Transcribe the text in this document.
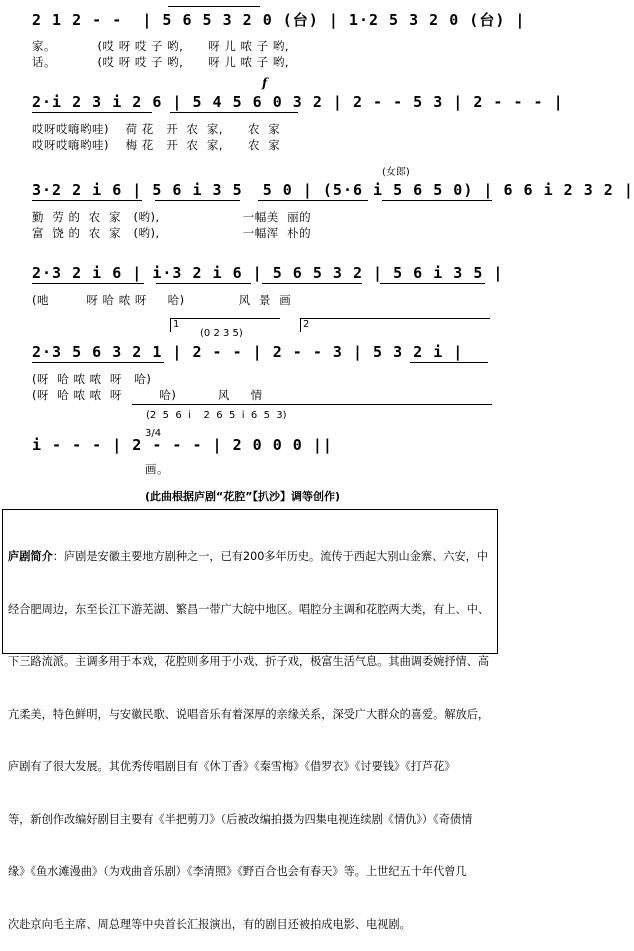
2 1 2 - -  | 5 6 5 3 2 0 (台) | 1·2 5 3 2 0 (台) |
家。          (哎 呀 哎 子 哟,      呀 儿 哝 子 哟,
话。          (哎 呀 哎 子 哟,      呀 儿 哝 子 哟,
f
2·i 2 3 i 2 6 | 5 4 5 6 0 3 2 | 2 - - 5 3 | 2 - - - |
哎呀哎嗨哟哇)    荷 花   开  农  家,      农  家
哎呀哎嗨哟哇)    梅 花   开  农  家,      农  家
(女郎)
3·2 2 i 6 | 5 6 i 3 5  5 0 | (5·6 i 5 6 5 0) | 6 6 i 2 3 2 |
勤  劳 的  农  家   (哟),                    一幅美  丽的
富  饶 的  农  家   (哟),                    一幅浑  朴的
2·3 2 i 6 | i·3 2 i 6 | 5 6 5 3 2 | 5 6 i 3 5 |
(吔         呀 哈 哝 呀     哈)             风  景  画
1	2
(0 2 3 5)
2·3 5 6 3 2 1 | 2 - - | 2 - - 3 | 5 3 2 i |
(呀  哈 哝 哝  呀   哈)
(呀  哈 哝 哝  呀         哈)          风     情
(2  5  6  i    2  6  5  i  6  5  3)
3/4
i - - - | 2 - - - | 2 0 0 0 ||
画。
(此曲根据庐剧“花腔”【扒沙】调等创作)

庐剧简介：庐剧是安徽主要地方剧种之一，已有200多年历史。流传于西起大别山金寨、六安，中

经合肥周边，东至长江下游芜湖、繁昌一带广大皖中地区。唱腔分主调和花腔两大类，有上、中、

下三路流派。主调多用于本戏，花腔则多用于小戏、折子戏，极富生活气息。其曲调委婉抒情、高

亢柔美，特色鲜明，与安徽民歌、说唱音乐有着深厚的亲缘关系，深受广大群众的喜爱。解放后，

庐剧有了很大发展。其优秀传唱剧目有《休丁香》《秦雪梅》《借罗衣》《讨要钱》《打芦花》

等，新创作改编好剧目主要有《半把剪刀》（后被改编拍摄为四集电视连续剧《情仇》）《奇债情

缘》《鱼水滩漫曲》（为戏曲音乐剧）《李清照》《野百合也会有春天》等。上世纪五十年代曾几

次赴京向毛主席、周总理等中央首长汇报演出，有的剧目还被拍成电影、电视剧。
